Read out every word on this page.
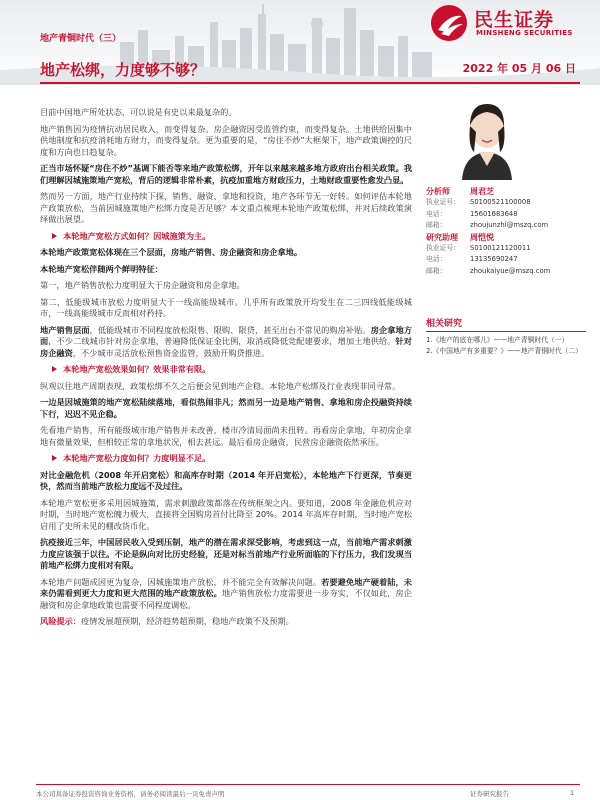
民生证券
MINSHENG SECURITIES
地产青铜时代（三）
地产松绑，力度够不够？	2022 年 05 月 06 日

目前中国地产所处状态，可以说是有史以来最复杂的。

地产销售因为疫情抗动居民收入，而变得复杂。房企融资因受监管约束，而变得复杂。土地供给因集中供地制度和抗疫消耗地方财力，而变得复杂。更为重要的是，“房住不炒”大框架下，地产政策调控的尺度和方向也日趋复杂。

正当市场怀疑“房住不炒”基调下能否等来地产政策松绑，开年以来越来越多地方政府出台相关政策。我们理解因城施策地产宽松，背后的逻辑非常朴素，抗疫加重地方财政压力，土地财政重要性愈发凸显。

然而另一方面，地产行业持续下探，销售、融资、拿地和投资，地产各环节无一好转。如何评估本轮地产政策放松，当前因城施策地产松绑力度是否足够？本文重点梳理本轮地产政策松绑，并对后续政策演绎做出展望。

本轮地产宽松方式如何？因城施策为主。

本轮地产政策宽松体现在三个层面，房地产销售、房企融资和房企拿地。

本轮地产宽松伴随两个鲜明特征：

第一，地产销售放松力度明显大于房企融资和房企拿地。

第二，低能级城市放松力度明显大于一线高能级城市。几乎所有政策放开均发生在二三四线低能级城市，一线高能级城市反而相对矜持。

地产销售层面，低能级城市不同程度放松限售、限购、限贷，甚至出台不常见的购房补贴。房企拿地方面，不少二线城市针对房企拿地，普遍降低保证金比例，取消或降低竞配建要求，增加土地供给。针对房企融资，不少城市灵活放松预售资金监管，鼓励开购贷推进。

本轮地产宽松效果如何？效果非常有限。

纵观以往地产周期表现，政策松绑不久之后便会见到地产企稳。本轮地产松绑及行业表现非同寻常。

一边是因城施策的地产宽松陆续落地，看似热闹非凡；然而另一边是地产销售、拿地和房企投融资持续下行，迟迟不见企稳。

先看地产销售，所有能级城市地产销售并未改善，楼市冷清局面尚未扭转。再看房企拿地，年初房企拿地有微量效果，但相较正常的拿地状况，相去甚远。最后看房企融资，民营房企融资依然承压。

本轮地产宽松力度如何？力度明显不足。

对比金融危机（2008 年开启宽松）和高库存时期（2014 年开启宽松），本轮地产下行更深，节奏更快，然而当前地产放松力度远不及过往。

本轮地产宽松更多采用因城施策，需求刺激政策都落在传统框架之内。要知道，2008 年金融危机应对时期，当时地产宽松魄力极大，直接将全国购房首付比降至 20%。2014 年高库存时期，当时地产宽松启用了史所未见的棚改货币化。

抗疫接近三年，中国居民收入受到压制，地产的潜在需求深受影响，考虑到这一点，当前地产需求刺激力度应该强于以往。不论是纵向对比历史经验，还是对标当前地产行业所面临的下行压力，我们发现当前地产松绑力度相对有限。

本轮地产问题成因更为复杂，因城施策地产放松，并不能完全有效解决问题。若要避免地产硬着陆，未来仍需看到更大力度和更大范围的地产政策放松。地产销售放松力度需要进一步夯实，不仅如此，房企融资和房企拿地政策也需要不同程度调松。

风险提示：疫情发展超预期，经济趋势超预期，稳地产政策不及预期。

分析师	周君芝
执业证号：	S0100521100008
电话：	15601683648
邮箱：	zhoujunzhi@mszq.com
研究助理	周恺悦
执业证号：	S0100121120011
电话：	13135690247
邮箱：	zhoukaiyue@mszq.com
相关研究
1.《地产的底在哪儿》——地产青铜时代（一）
2.《中国地产有多重要？》——地产青铜时代（二）
本公司具备证券投资咨询业务资格，请务必阅读最后一页免责声明	证券研究报告	1
